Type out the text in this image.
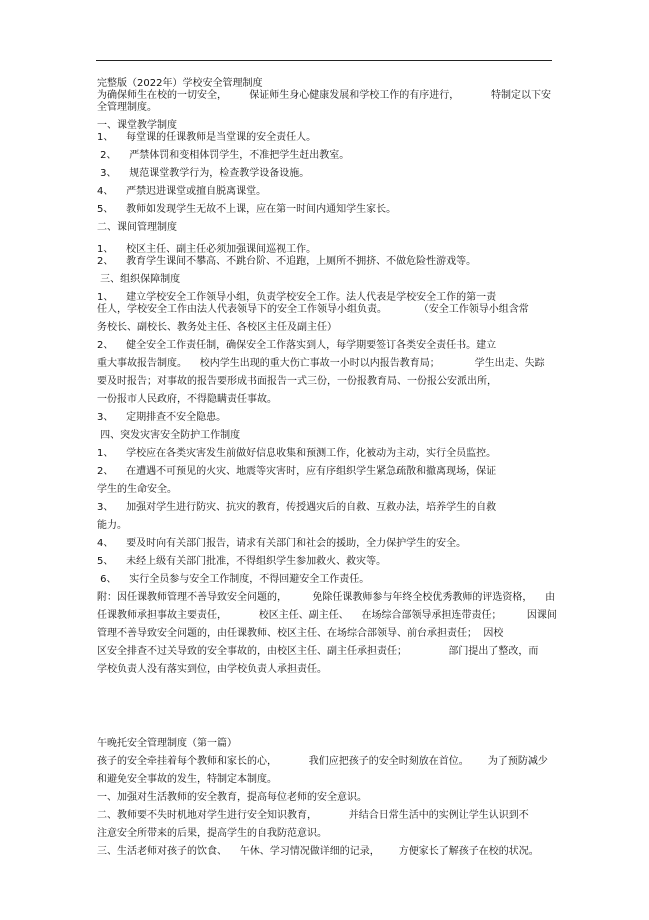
完整版（2022年）学校安全管理制度

为确保师生在校的一切安全，       保证师生身心健康发展和学校工作的有序进行，          特制定以下安

全管理制度。

一、课堂教学制度

1、    每堂课的任课教师是当堂课的安全责任人。

2、    严禁体罚和变相体罚学生，不准把学生赶出教室。

3、    规范课堂教学行为，检查教学设备设施。

4、    严禁迟进课堂或擅自脱离课堂。

5、    教师如发现学生无故不上课，应在第一时间内通知学生家长。

二、课间管理制度

1、    校区主任、副主任必须加强课间巡视工作。

2、    教育学生课间不攀高、不跳台阶、不追跑，上厕所不拥挤、不做危险性游戏等。

三、组织保障制度

1、    建立学校安全工作领导小组，负责学校安全工作。法人代表是学校安全工作的第一责

任人，学校安全工作由法人代表领导下的安全工作领导小组负责。          （安全工作领导小组含常

务校长、副校长、教务处主任、各校区主任及副主任）

2、    健全安全工作责任制，确保安全工作落实到人，每学期要签订各类安全责任书。建立

重大事故报告制度。    校内学生出现的重大伤亡事故一小时以内报告教育局；           学生出走、失踪

要及时报告；对事故的报告要形成书面报告一式三份，一份报教育局、一份报公安派出所，

一份报市人民政府，不得隐瞒责任事故。

3、    定期排查不安全隐患。

四、突发灾害安全防护工作制度

1、    学校应在各类灾害发生前做好信息收集和预测工作，化被动为主动，实行全员监控。

2、    在遭遇不可预见的火灾、地震等灾害时，应有序组织学生紧急疏散和撤离现场，保证

学生的生命安全。

3、    加强对学生进行防灾、抗灾的教育，传授遇灾后的自救、互救办法，培养学生的自救

能力。

4、    要及时向有关部门报告，请求有关部门和社会的援助，全力保护学生的安全。

5、    未经上级有关部门批准，不得组织学生参加救火、救灾等。

6、    实行全员参与安全工作制度，不得回避安全工作责任。

附：因任课教师管理不善导致安全问题的，        免除任课教师参与年终全校优秀教师的评选资格，    由

任课教师承担事故主要责任，          校区主任、副主任、    在场综合部领导承担连带责任；        因课间

管理不善导致安全问题的，由任课教师、校区主任、在场综合部领导、前台承担责任；  因校

区安全排查不过关导致的安全事故的，由校区主任、副主任承担责任；             部门提出了整改，而

学校负责人没有落实到位，由学校负责人承担责任。

午晚托安全管理制度（第一篇）

孩子的安全牵挂着每个教师和家长的心，          我们应把孩子的安全时刻放在首位。      为了预防减少

和避免安全事故的发生，特制定本制度。

一、加强对生活教师的安全教育，提高每位老师的安全意识。

二、教师要不失时机地对学生进行安全知识教育，          并结合日常生活中的实例让学生认识到不

注意安全所带来的后果，提高学生的自我防范意识。

三、生活老师对孩子的饮食、    午休、学习情况做详细的记录，      方便家长了解孩子在校的状况。
